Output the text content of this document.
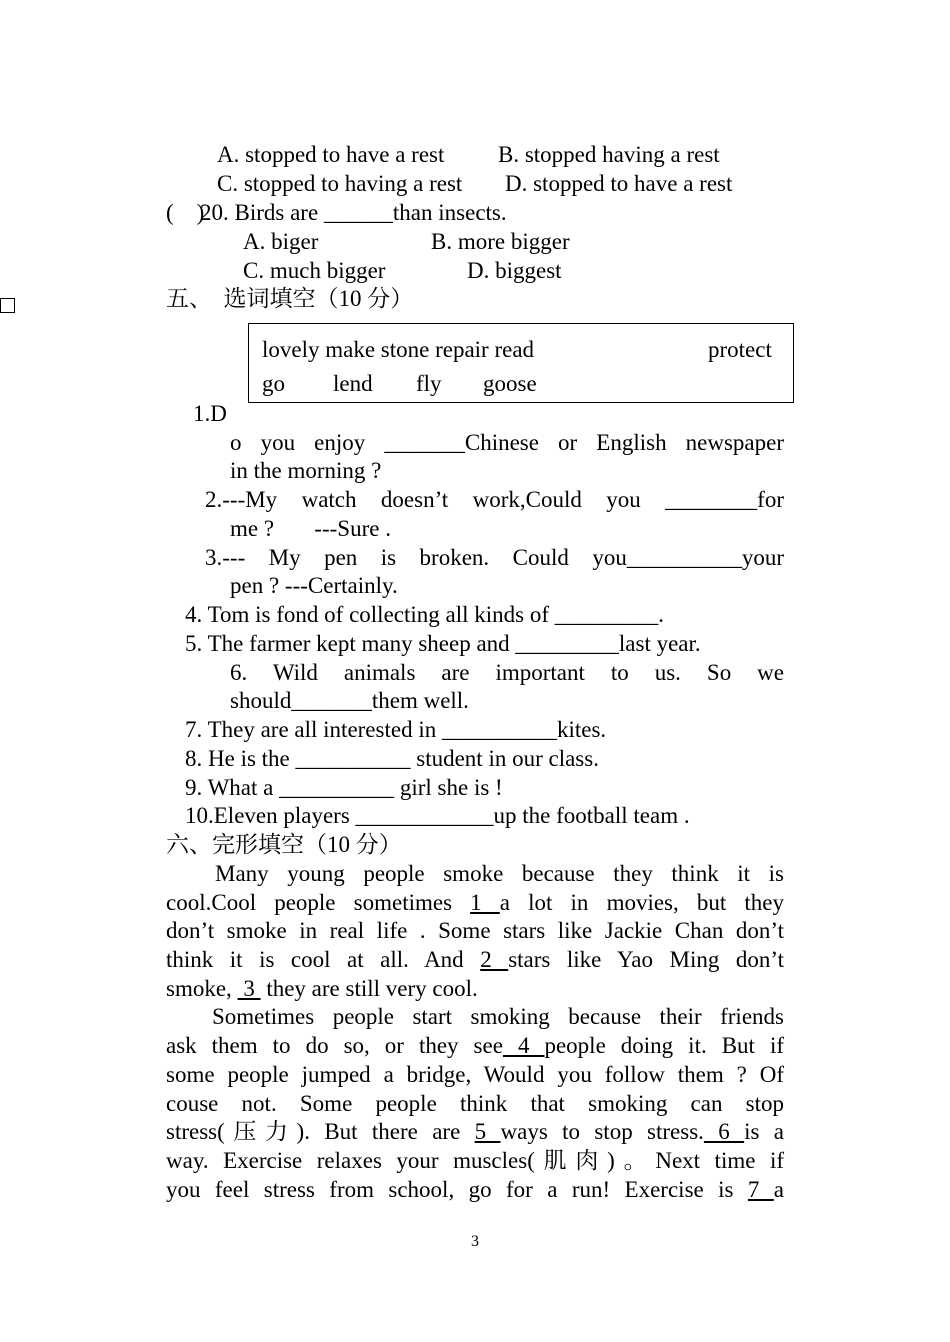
A. stopped to have a rest B. stopped having a rest
C. stopped to having a rest D. stopped to have a rest
(    )
20. Birds are ______than insects.
A. biger	B. more bigger
C. much bigger	D. biggest
五、  选词填空（10 分）
lovely make stone repair read	protect
go lend fly goose
1.D
o you enjoy _______Chinese or English newspaper
in the morning ?
2.---My watch doesn’t work,Could you ________for
me ?       ---Sure .
3.--- My pen is broken. Could you__________your
pen ? ---Certainly.
4. Tom is fond of collecting all kinds of _________.
5. The farmer kept many sheep and _________last year.
6. Wild animals are important to us. So we
should_______them well.
7. They are all interested in __________kites.
8. He is the __________ student in our class.
9. What a __________ girl she is !
10.Eleven players ____________up the football team .
六、完形填空（10 分）
Many young people smoke because they think it is
cool.Cool people sometimes 1 a lot in movies, but they
don’t smoke in real life . Some stars like Jackie Chan don’t
think it is cool at all. And 2 stars like Yao Ming don’t
smoke,  3  they are still very cool.
Sometimes people start smoking because their friends
ask them to do so, or they see 4 people doing it. But if
some people jumped a bridge, Would you follow them ? Of
couse not. Some people think that smoking can stop
stress(压力). But there are 5 ways to stop stress. 6 is a
way. Exercise relaxes your muscles(肌肉)。Next time if
you feel stress from school, go for a run! Exercise is 7 a
3
